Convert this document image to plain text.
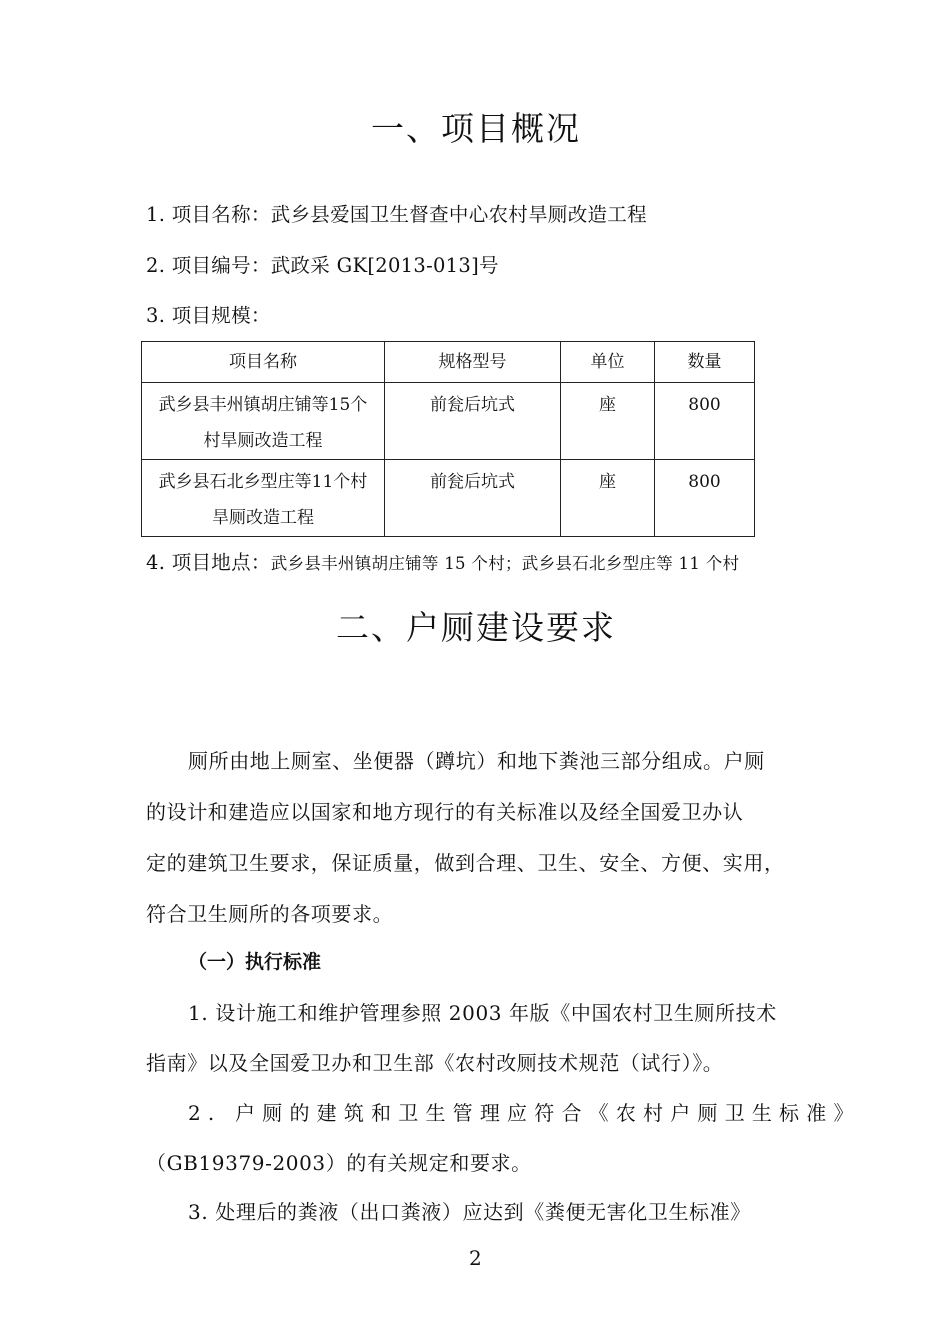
一、项目概况
1. 项目名称：武乡县爱国卫生督查中心农村旱厕改造工程
2. 项目编号：武政采 GK[2013-013]号
3. 项目规模：
项目名称	规格型号	单位	数量

武乡县丰州镇胡庄铺等15个
村旱厕改造工程	前瓮后坑式	座	800

武乡县石北乡型庄等11个村
旱厕改造工程	前瓮后坑式	座	800
4. 项目地点：武乡县丰州镇胡庄铺等 15 个村；武乡县石北乡型庄等 11 个村
二、户厕建设要求
厕所由地上厕室、坐便器（蹲坑）和地下粪池三部分组成。户厕
的设计和建造应以国家和地方现行的有关标准以及经全国爱卫办认
定的建筑卫生要求，保证质量，做到合理、卫生、安全、方便、实用，
符合卫生厕所的各项要求。
（一）执行标准
1. 设计施工和维护管理参照 2003 年版《中国农村卫生厕所技术
指南》以及全国爱卫办和卫生部《农村改厕技术规范（试行）》。
2. 户厕的建筑和卫生管理应符合《农村户厕卫生标准》
（GB19379-2003）的有关规定和要求。
3. 处理后的粪液（出口粪液）应达到《粪便无害化卫生标准》
2
